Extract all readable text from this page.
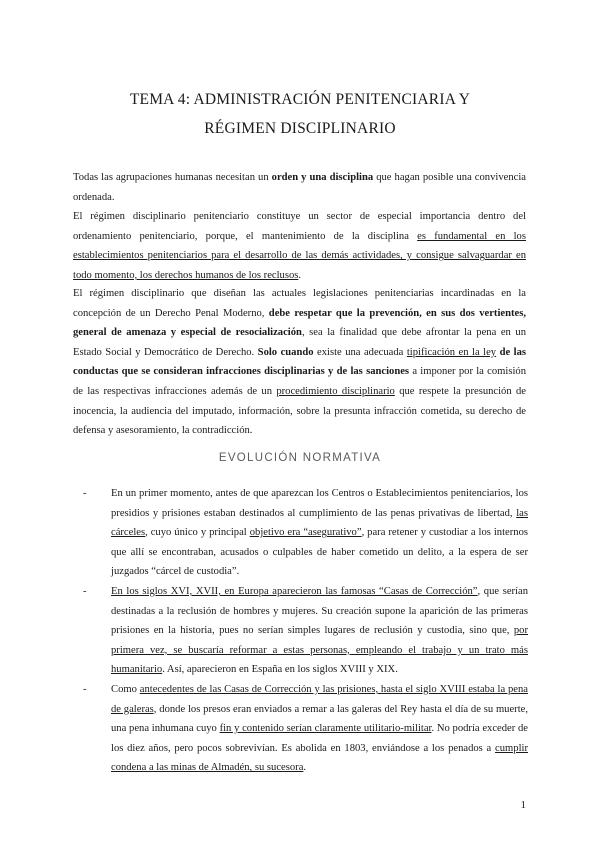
TEMA 4: ADMINISTRACIÓN PENITENCIARIA Y
RÉGIMEN DISCIPLINARIO
Todas las agrupaciones humanas necesitan un orden y una disciplina que hagan posible una convivencia ordenada.
El régimen disciplinario penitenciario constituye un sector de especial importancia dentro del ordenamiento penitenciario, porque, el mantenimiento de la disciplina es fundamental en los establecimientos penitenciarios para el desarrollo de las demás actividades, y consigue salvaguardar en todo momento, los derechos humanos de los reclusos.
El régimen disciplinario que diseñan las actuales legislaciones penitenciarias incardinadas en la concepción de un Derecho Penal Moderno, debe respetar que la prevención, en sus dos vertientes, general de amenaza y especial de resocialización, sea la finalidad que debe afrontar la pena en un Estado Social y Democrático de Derecho. Solo cuando existe una adecuada tipificación en la ley de las conductas que se consideran infracciones disciplinarias y de las sanciones a imponer por la comisión de las respectivas infracciones además de un procedimiento disciplinario que respete la presunción de inocencia, la audiencia del imputado, información, sobre la presunta infracción cometida, su derecho de defensa y asesoramiento, la contradicción.
EVOLUCIÓN NORMATIVA
- En un primer momento, antes de que aparezcan los Centros o Establecimientos penitenciarios, los presidios y prisiones estaban destinados al cumplimiento de las penas privativas de libertad, las cárceles, cuyo único y principal objetivo era “asegurativo”, para retener y custodiar a los internos que allí se encontraban, acusados o culpables de haber cometido un delito, a la espera de ser juzgados “cárcel de custodia”.
- En los siglos XVI, XVII, en Europa aparecieron las famosas “Casas de Corrección”, que serían destinadas a la reclusión de hombres y mujeres. Su creación supone la aparición de las primeras prisiones en la historia, pues no serían simples lugares de reclusión y custodia, sino que, por primera vez, se buscaría reformar a estas personas, empleando el trabajo y un trato más humanitario. Así, aparecieron en España en los siglos XVIII y XIX.
- Como antecedentes de las Casas de Corrección y las prisiones, hasta el siglo XVIII estaba la pena de galeras, donde los presos eran enviados a remar a las galeras del Rey hasta el día de su muerte, una pena inhumana cuyo fin y contenido serían claramente utilitario-militar. No podría exceder de los diez años, pero pocos sobrevivían. Es abolida en 1803, enviándose a los penados a cumplir condena a las minas de Almadén, su sucesora.
1
